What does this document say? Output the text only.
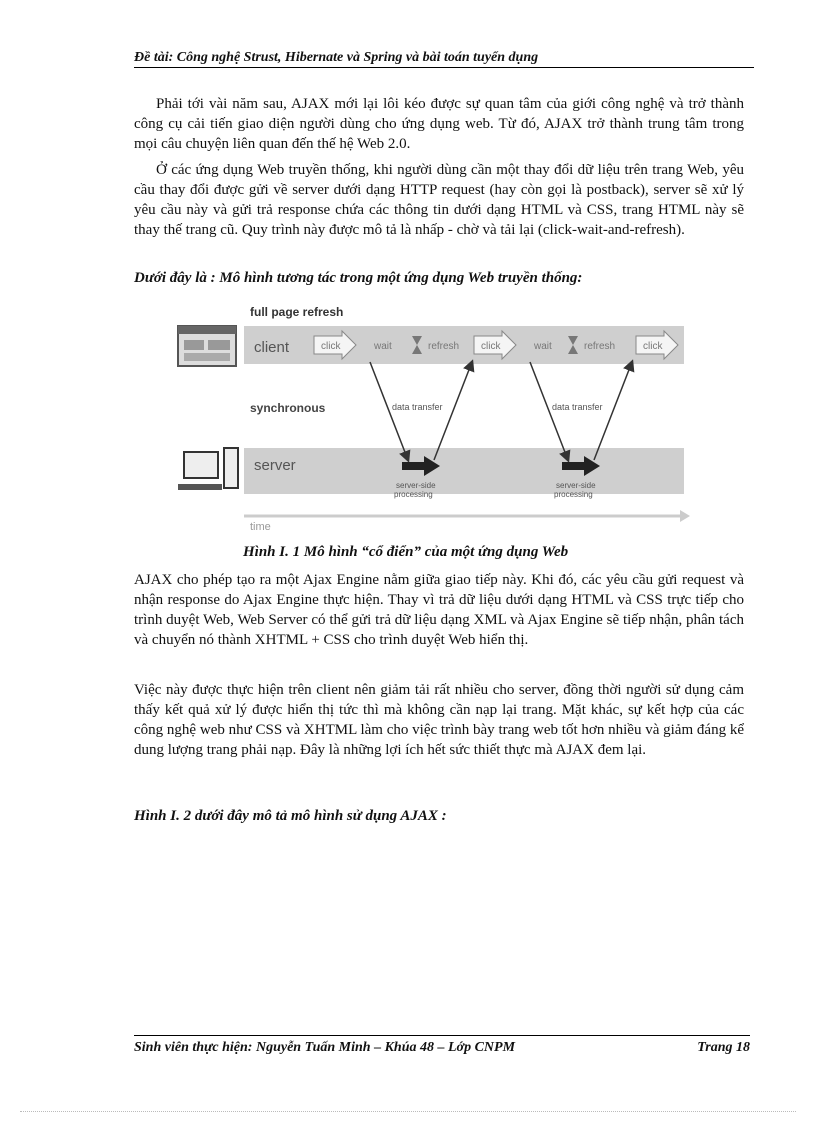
Đề tài: Công nghệ Strust, Hibernate và Spring và bài toán tuyển dụng

Phải tới vài năm sau, AJAX mới lại lôi kéo được sự quan tâm của giới công nghệ và trở thành công cụ cải tiến giao diện người dùng cho ứng dụng web. Từ đó, AJAX trở thành trung tâm trong mọi câu chuyện liên quan đến thế hệ Web 2.0.

Ở các ứng dụng Web truyền thống, khi người dùng cần một thay đổi dữ liệu trên trang Web, yêu cầu thay đổi được gửi về server dưới dạng HTTP request (hay còn gọi là postback), server sẽ xử lý yêu cầu này và gửi trả response chứa các thông tin dưới dạng HTML và CSS, trang HTML này sẽ thay thế trang cũ. Quy trình này được mô tả là nhấp - chờ và tải lại (click-wait-and-refresh).

Dưới đây là : Mô hình tương tác trong một ứng dụng Web truyền thống:
full page refresh
client	click	wait	refresh click	wait	refresh	click
synchronous
server
data transfer	data transfer
server-side
processing
server-side
processing
time
Hình I. 1 Mô hình “cổ điển” của một ứng dụng Web

AJAX cho phép tạo ra một Ajax Engine nằm giữa giao tiếp này. Khi đó, các yêu cầu gửi request và nhận response do Ajax Engine thực hiện. Thay vì trả dữ liệu dưới dạng HTML và CSS trực tiếp cho trình duyệt Web, Web Server có thể gửi trả dữ liệu dạng XML và Ajax Engine sẽ tiếp nhận, phân tách và chuyển nó thành XHTML + CSS cho trình duyệt Web hiển thị.

Việc này được thực hiện trên client nên giảm tải rất nhiều cho server, đồng thời người sử dụng cảm thấy kết quả xử lý được hiển thị tức thì mà không cần nạp lại trang. Mặt khác, sự kết hợp của các công nghệ web như CSS và XHTML làm cho việc trình bày trang web tốt hơn nhiều và giảm đáng kể dung lượng trang phải nạp. Đây là những lợi ích hết sức thiết thực mà AJAX đem lại.

Hình I. 2 dưới đây mô tả mô hình sử dụng AJAX :
Sinh viên thực hiện: Nguyễn Tuấn Minh – Khúa 48 – Lớp CNPM	Trang 18
